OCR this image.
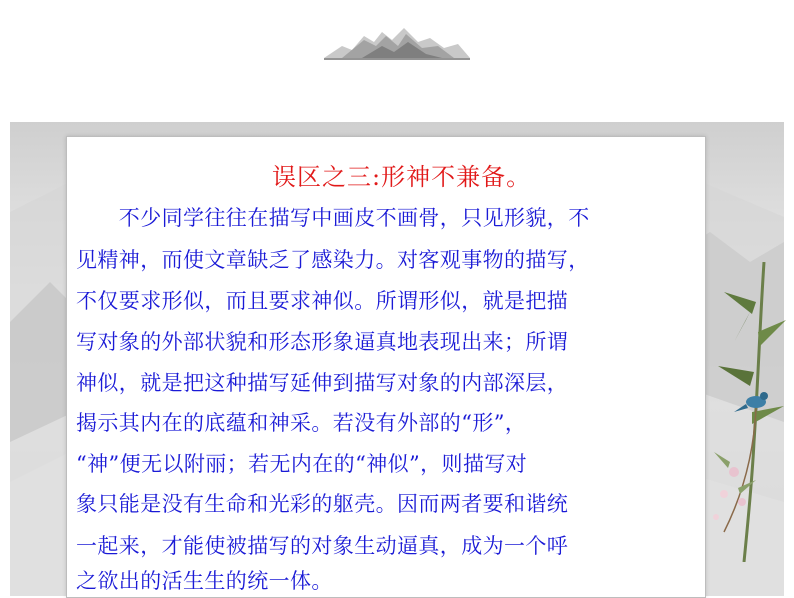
误区之三:形神不兼备。
　　不少同学往往在描写中画皮不画骨，只见形貌，不
见精神，而使文章缺乏了感染力。对客观事物的描写，
不仅要求形似，而且要求神似。所谓形似，就是把描
写对象的外部状貌和形态形象逼真地表现出来；所谓
神似，就是把这种描写延伸到描写对象的内部深层，
揭示其内在的底蕴和神采。若没有外部的“形”，
“神”便无以附丽；若无内在的“神似”，则描写对
象只能是没有生命和光彩的躯壳。因而两者要和谐统
一起来，才能使被描写的对象生动逼真，成为一个呼
之欲出的活生生的统一体。
